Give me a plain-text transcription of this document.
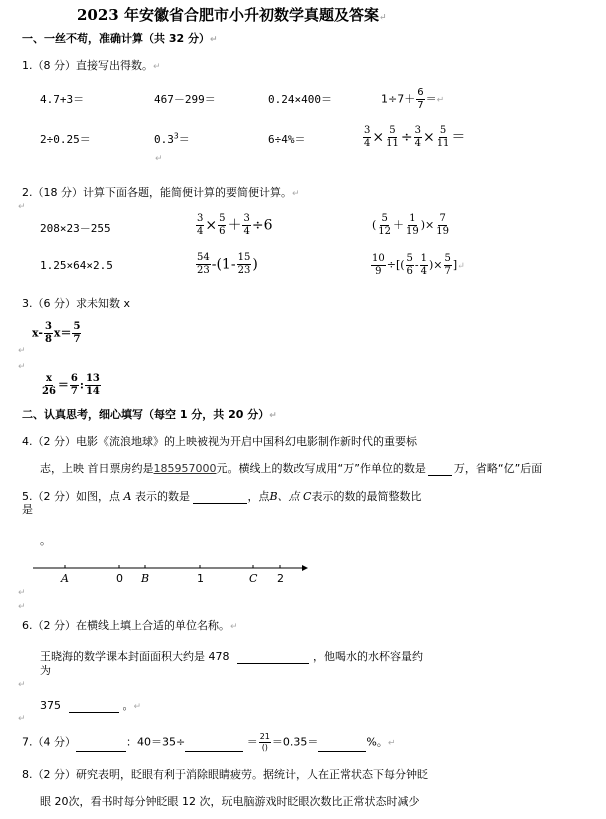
2023 年安徽省合肥市小升初数学真题及答案↵
一、一丝不苟，准确计算（共 32 分）↵
1.（8 分）直接写出得数。↵
4.7+3＝	467－299＝	0.24×400＝	$1\div 7+ \frac{6}{7}$ ＝↵
2÷0.25＝	$0.3^3=$	6÷4%＝	$\frac{3}{4} \times \frac{5}{11} \div \frac{3}{4} \times \frac{5}{11}$ ＝
↵
2.（18 分）计算下面各题，能简便计算的要简便计算。↵
↵
208×23－255	$\frac{3}{4} \times \frac{5}{6} + \frac{3}{4} \div 6$	( $\frac{5}{12} + \frac{1}{19}$ )× $\frac{7}{19}$
1.25×64×2.5	$\frac{54}{23} -(1- \frac{15}{23}$ )	$\frac{10}{9}$ ÷[( $\frac{5}{6} - \frac{1}{4}$ )× $\frac{5}{7}$ ]↵
3.（6 分）求未知数 x
$x- \frac{3}{8} x= \frac{5}{7}$
↵
↵
$\frac{x}{26} = \frac{6}{7}$ : $\frac{13}{14}$
二、认真思考，细心填写（每空 1 分，共 20 分）↵
4.（2 分）电影《流浪地球》的上映被视为开启中国科幻电影制作新时代的重要标
志，上映 首日票房约是185957000元。横线上的数改写成用“万”作单位的数是	万，省略“亿”后面
5.（2 分）如图，点 A 表示的数是	，点B、点 C表示的数的最简整数比
是
。
A	0 B	1	C 2
↵
↵
6.（2 分）在横线上填上合适的单位名称。↵
王晓海的数学课本封面面积大约是 478	，他喝水的水杯容量约
为
↵
375	。↵
↵
7.（4 分）	：40＝35÷	＝ $\frac{21}{()} =0.35=$	%。↵
8.（2 分）研究表明，眨眼有利于消除眼睛疲劳。据统计，人在正常状态下每分钟眨
眼 20次，看书时每分钟眨眼 12 次，玩电脑游戏时眨眼次数比正常状态时减少
